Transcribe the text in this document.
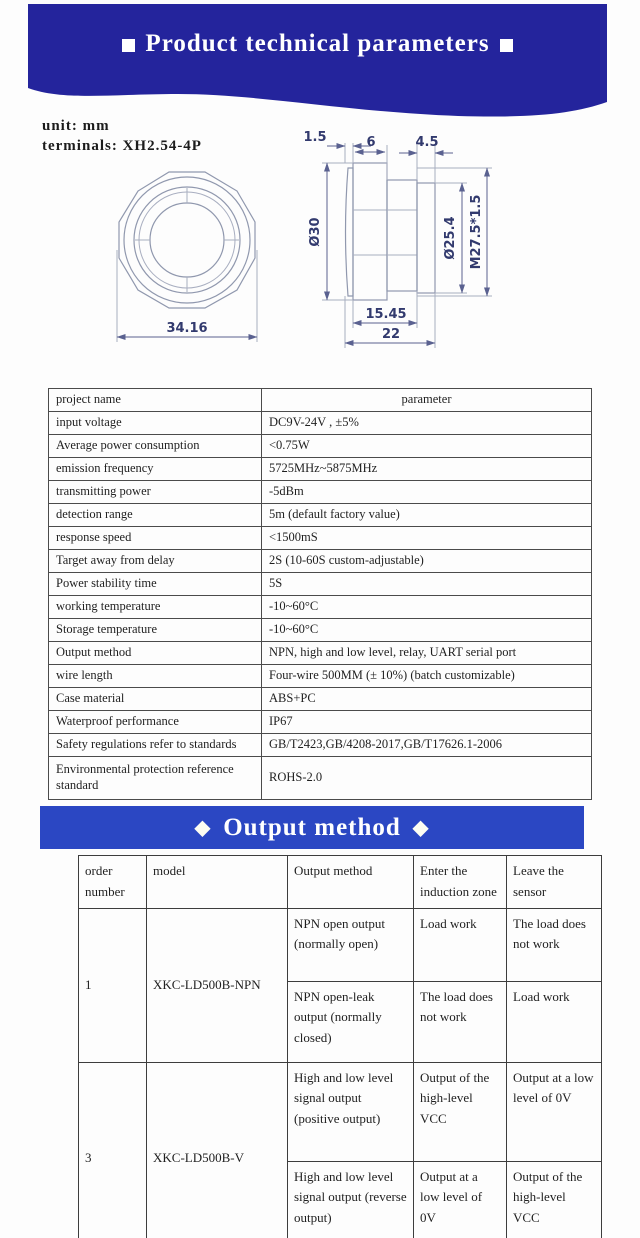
Product technical parameters
unit: mm
terminals: XH2.54-4P
34.16
1.5	6	4.5
Ø30	Ø25.4 M27.5*1.5
15.45
22
project name	parameter
input voltage	DC9V-24V , ±5%
Average power consumption	<0.75W
emission frequency	5725MHz~5875MHz
transmitting power	-5dBm
detection range	5m (default factory value)
response speed	<1500mS
Target away from delay	2S (10-60S custom-adjustable)
Power stability time	5S
working temperature	-10~60°C
Storage temperature	-10~60°C
Output method	NPN, high and low level, relay, UART serial port
wire length	Four-wire 500MM (± 10%) (batch customizable)
Case material	ABS+PC
Waterproof performance	IP67
Safety regulations refer to standards	GB/T2423,GB/4208-2017,GB/T17626.1-2006
Environmental protection reference standard	ROHS-2.0
◆ Output method ◆
order number	model	Output method	Enter the induction zone	Leave the sensor
1	XKC-LD500B-NPN	NPN open output (normally open)	Load work	The load does not work
		NPN open-leak output (normally closed)	The load does not work	Load work
3	XKC-LD500B-V	High and low level signal output (positive output)	Output of the high-level VCC	Output at a low level of 0V
		High and low level signal output (reverse output)	Output at a low level of 0V	Output of the high-level VCC
